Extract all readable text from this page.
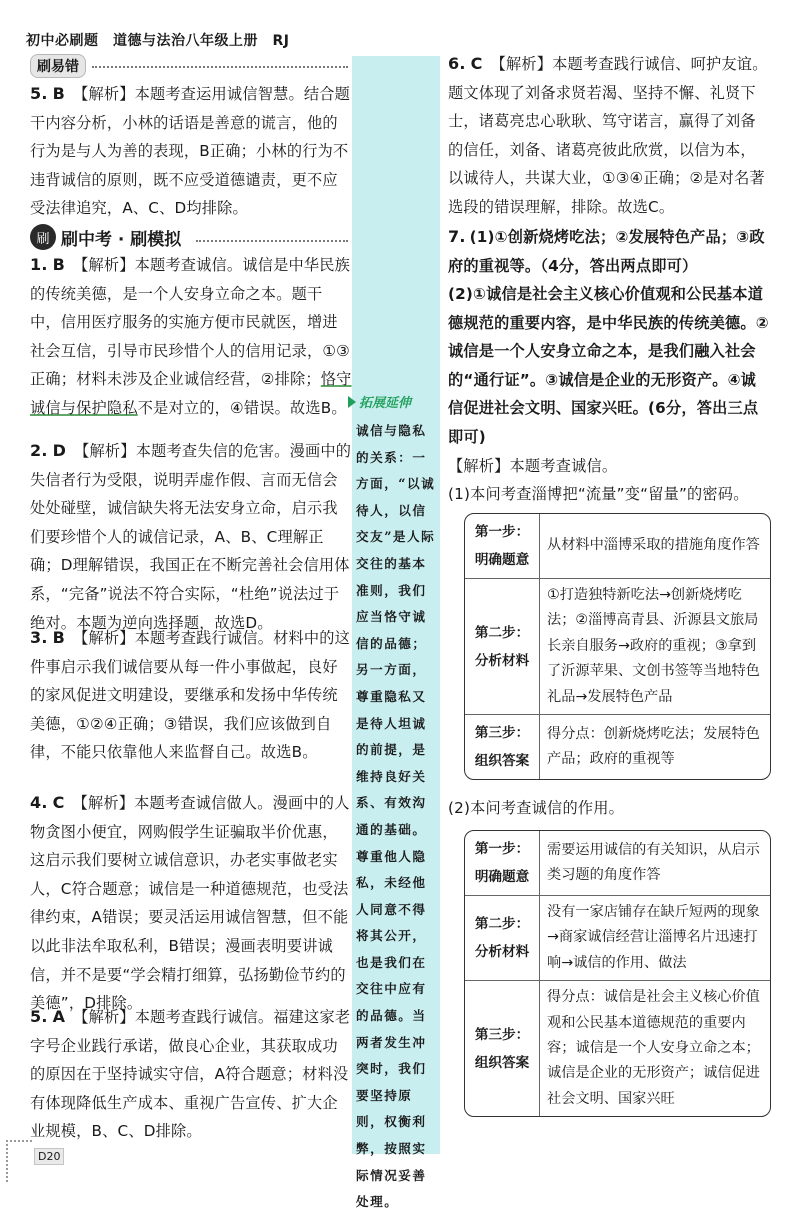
初中必刷题　道德与法治八年级上册　RJ
刷易错
5. B 【解析】本题考查运用诚信智慧。结合题干内容分析，小林的话语是善意的谎言，他的行为是与人为善的表现，B正确；小林的行为不违背诚信的原则，既不应受道德谴责，更不应受法律追究，A、C、D均排除。
刷 刷中考 · 刷模拟
1. B 【解析】本题考查诚信。诚信是中华民族的传统美德，是一个人安身立命之本。题干中，信用医疗服务的实施方便市民就医，增进社会互信，引导市民珍惜个人的信用记录，①③正确；材料未涉及企业诚信经营，②排除；恪守诚信与保护隐私不是对立的，④错误。故选B。
2. D 【解析】本题考查失信的危害。漫画中的失信者行为受限，说明弄虚作假、言而无信会处处碰壁，诚信缺失将无法安身立命，启示我们要珍惜个人的诚信记录，A、B、C理解正确；D理解错误，我国正在不断完善社会信用体系，“完备”说法不符合实际，“杜绝”说法过于绝对。本题为逆向选择题，故选D。
3. B 【解析】本题考查践行诚信。材料中的这件事启示我们诚信要从每一件小事做起，良好的家风促进文明建设，要继承和发扬中华传统美德，①②④正确；③错误，我们应该做到自律，不能只依靠他人来监督自己。故选B。
4. C 【解析】本题考查诚信做人。漫画中的人物贪图小便宜，网购假学生证骗取半价优惠，这启示我们要树立诚信意识，办老实事做老实人，C符合题意；诚信是一种道德规范，也受法律约束，A错误；要灵活运用诚信智慧，但不能以此非法牟取私利，B错误；漫画表明要讲诚信，并不是要“学会精打细算，弘扬勤俭节约的美德”，D排除。
5. A 【解析】本题考查践行诚信。福建这家老字号企业践行承诺，做良心企业，其获取成功的原因在于坚持诚实守信，A符合题意；材料没有体现降低生产成本、重视广告宣传、扩大企业规模，B、C、D排除。
拓展延伸
诚信与隐私的关系：一方面，“以诚待人，以信交友”是人际交往的基本准则，我们应当恪守诚信的品德；另一方面，尊重隐私又是待人坦诚的前提，是维持良好关系、有效沟通的基础。尊重他人隐私，未经他人同意不得将其公开，也是我们在交往中应有的品德。当两者发生冲突时，我们要坚持原则，权衡利弊，按照实际情况妥善处理。
6. C 【解析】本题考查践行诚信、呵护友谊。题文体现了刘备求贤若渴、坚持不懈、礼贤下士，诸葛亮忠心耿耿、笃守诺言，赢得了刘备的信任，刘备、诸葛亮彼此欣赏，以信为本，以诚待人，共谋大业，①③④正确；②是对名著选段的错误理解，排除。故选C。
7. (1)①创新烧烤吃法；②发展特色产品；③政府的重视等。（4分，答出两点即可）
(2)①诚信是社会主义核心价值观和公民基本道德规范的重要内容，是中华民族的传统美德。②诚信是一个人安身立命之本，是我们融入社会的“通行证”。③诚信是企业的无形资产。④诚信促进社会文明、国家兴旺。(6分，答出三点即可)
【解析】本题考查诚信。
(1)本问考查淄博把“流量”变“留量”的密码。
第一步：明确题意	从材料中淄博采取的措施角度作答
第二步：分析材料	①打造独特新吃法→创新烧烤吃法；②淄博高青县、沂源县文旅局长亲自服务→政府的重视；③拿到了沂源苹果、文创书签等当地特色礼品→发展特色产品
第三步：组织答案	得分点：创新烧烤吃法；发展特色产品；政府的重视等
(2)本问考查诚信的作用。
第一步：明确题意	需要运用诚信的有关知识，从启示类习题的角度作答
第二步：分析材料	没有一家店铺存在缺斤短两的现象→商家诚信经营让淄博名片迅速打响→诚信的作用、做法
第三步：组织答案	得分点：诚信是社会主义核心价值观和公民基本道德规范的重要内容；诚信是一个人安身立命之本；诚信是企业的无形资产；诚信促进社会文明、国家兴旺
D20
